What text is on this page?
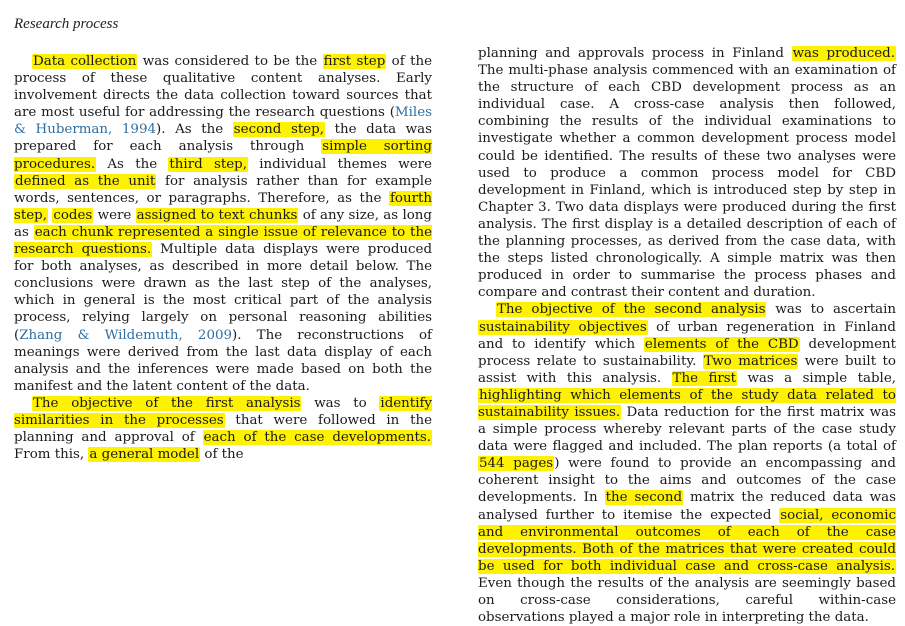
Research process

Data collection was considered to be the first step of the process of these qualitative content analyses. Early involvement directs the data collection toward sources that are most useful for addressing the research questions (Miles & Huberman, 1994). As the second step, the data was prepared for each analysis through simple sorting procedures. As the third step, individual themes were defined as the unit for analysis rather than for example words, sentences, or paragraphs. Therefore, as the fourth step, codes were assigned to text chunks of any size, as long as each chunk represented a single issue of relevance to the research questions. Multiple data displays were produced for both analyses, as described in more detail below. The conclusions were drawn as the last step of the analyses, which in general is the most critical part of the analysis process, relying largely on personal reasoning abilities (Zhang & Wildemuth, 2009). The reconstructions of meanings were derived from the last data display of each analysis and the inferences were made based on both the manifest and the latent content of the data.

The objective of the first analysis was to identify similarities in the processes that were followed in the planning and approval of each of the case developments. From this, a general model of the

planning and approvals process in Finland was produced. The multi-phase analysis commenced with an examination of the structure of each CBD development process as an individual case. A cross-case analysis then followed, combining the results of the individual examinations to investigate whether a common development process model could be identified. The results of these two analyses were used to produce a common process model for CBD development in Finland, which is introduced step by step in Chapter 3. Two data displays were produced during the first analysis. The first display is a detailed description of each of the planning processes, as derived from the case data, with the steps listed chronologically. A simple matrix was then produced in order to summarise the process phases and compare and contrast their content and duration.

The objective of the second analysis was to ascertain sustainability objectives of urban regeneration in Finland and to identify which elements of the CBD development process relate to sustainability. Two matrices were built to assist with this analysis. The first was a simple table, highlighting which elements of the study data related to sustainability issues. Data reduction for the first matrix was a simple process whereby relevant parts of the case study data were flagged and included. The plan reports (a total of 544 pages) were found to provide an encompassing and coherent insight to the aims and outcomes of the case developments. In the second matrix the reduced data was analysed further to itemise the expected social, economic and environmental outcomes of each of the case developments. Both of the matrices that were created could be used for both individual case and cross-case analysis. Even though the results of the analysis are seemingly based on cross-case considerations, careful within-case observations played a major role in interpreting the data.
